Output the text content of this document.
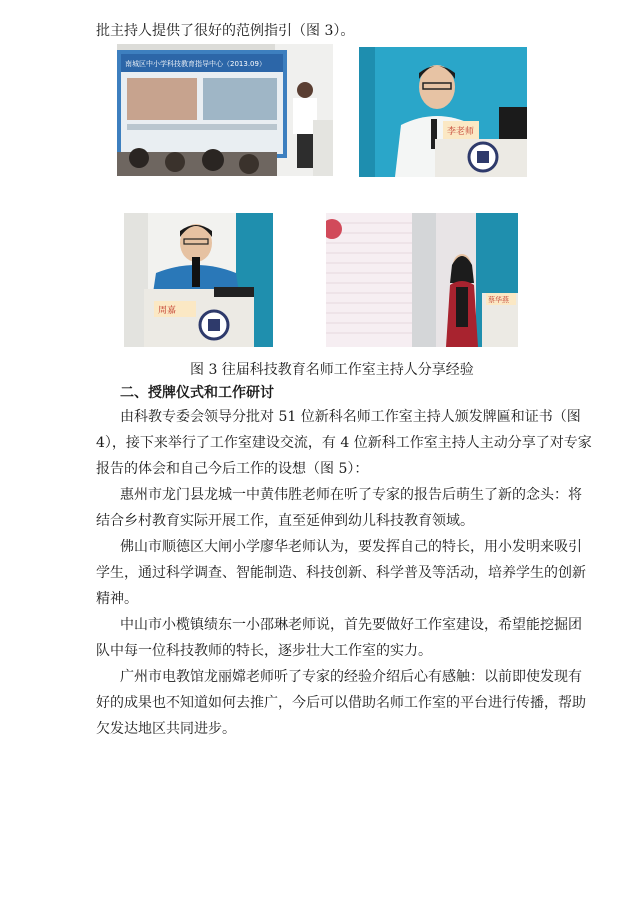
批主持人提供了很好的范例指引（图 3）。
南城区中小学科技教育指导中心（2013.09）
李老师
周嘉
蔡华燕
图 3 往届科技教育名师工作室主持人分享经验
二、授牌仪式和工作研讨
由科教专委会领导分批对 51 位新科名师工作室主持人颁发牌匾和证书（图
4），接下来举行了工作室建设交流，有 4 位新科工作室主持人主动分享了对专家
报告的体会和自己今后工作的设想（图 5）：
惠州市龙门县龙城一中黄伟胜老师在听了专家的报告后萌生了新的念头：将
结合乡村教育实际开展工作，直至延伸到幼儿科技教育领域。
佛山市顺德区大闸小学廖华老师认为，要发挥自己的特长，用小发明来吸引
学生，通过科学调查、智能制造、科技创新、科学普及等活动，培养学生的创新
精神。
中山市小榄镇绩东一小邵琳老师说，首先要做好工作室建设，希望能挖掘团
队中每一位科技教师的特长，逐步壮大工作室的实力。
广州市电教馆龙丽嫦老师听了专家的经验介绍后心有感触：以前即使发现有
好的成果也不知道如何去推广，今后可以借助名师工作室的平台进行传播，帮助
欠发达地区共同进步。
